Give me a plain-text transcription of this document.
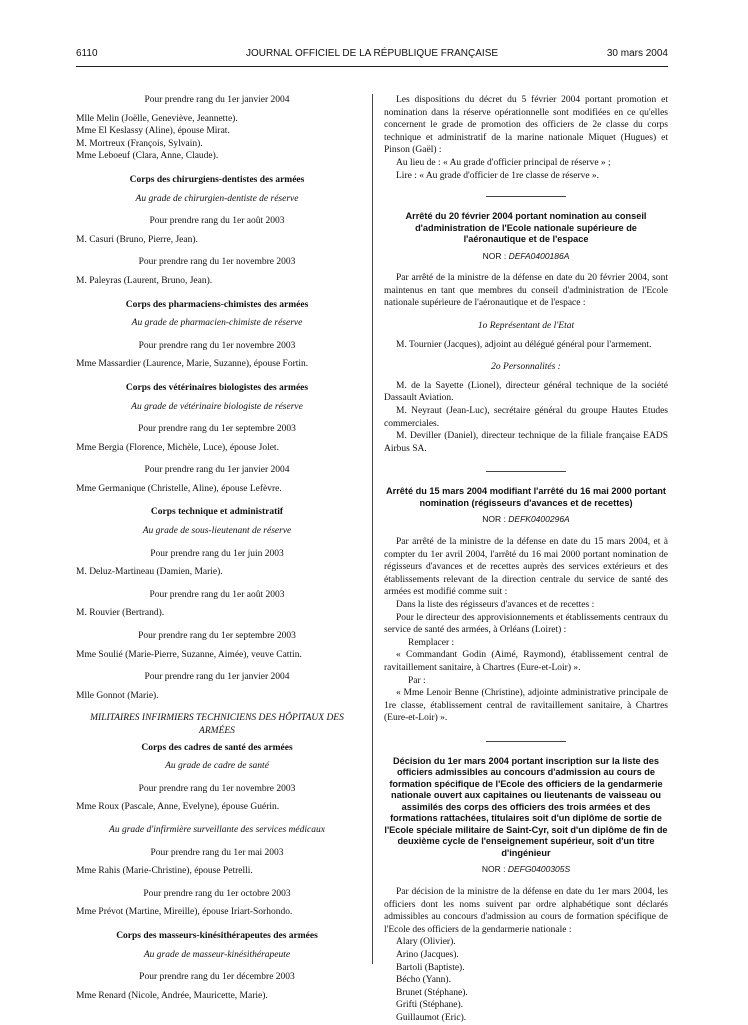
6110	JOURNAL OFFICIEL DE LA RÉPUBLIQUE FRANÇAISE	30 mars 2004

Pour prendre rang du 1er janvier 2004

Mlle Melin (Joëlle, Geneviève, Jeannette).

Mme El Keslassy (Aline), épouse Mirat.

M. Mortreux (François, Sylvain).

Mme Leboeuf (Clara, Anne, Claude).

Corps des chirurgiens-dentistes des armées

Au grade de chirurgien-dentiste de réserve

Pour prendre rang du 1er août 2003

M. Casuri (Bruno, Pierre, Jean).

Pour prendre rang du 1er novembre 2003

M. Paleyras (Laurent, Bruno, Jean).

Corps des pharmaciens-chimistes des armées

Au grade de pharmacien-chimiste de réserve

Pour prendre rang du 1er novembre 2003

Mme Massardier (Laurence, Marie, Suzanne), épouse Fortin.

Corps des vétérinaires biologistes des armées

Au grade de vétérinaire biologiste de réserve

Pour prendre rang du 1er septembre 2003

Mme Bergia (Florence, Michèle, Luce), épouse Jolet.

Pour prendre rang du 1er janvier 2004

Mme Germanique (Christelle, Aline), épouse Lefèvre.

Corps technique et administratif

Au grade de sous-lieutenant de réserve

Pour prendre rang du 1er juin 2003

M. Deluz-Martineau (Damien, Marie).

Pour prendre rang du 1er août 2003

M. Rouvier (Bertrand).

Pour prendre rang du 1er septembre 2003

Mme Soulié (Marie-Pierre, Suzanne, Aimée), veuve Cattin.

Pour prendre rang du 1er janvier 2004

Mlle Gonnot (Marie).

MILITAIRES INFIRMIERS TECHNICIENS DES HÔPITAUX DES ARMÉES

Corps des cadres de santé des armées

Au grade de cadre de santé

Pour prendre rang du 1er novembre 2003

Mme Roux (Pascale, Anne, Evelyne), épouse Guérin.

Au grade d'infirmière surveillante des services médicaux

Pour prendre rang du 1er mai 2003

Mme Rahis (Marie-Christine), épouse Petrelli.

Pour prendre rang du 1er octobre 2003

Mme Prévot (Martine, Mireille), épouse Iriart-Sorhondo.

Corps des masseurs-kinésithérapeutes des armées

Au grade de masseur-kinésithérapeute

Pour prendre rang du 1er décembre 2003

Mme Renard (Nicole, Andrée, Mauricette, Marie).

Les dispositions du décret du 5 février 2004 portant promotion et nomination dans la réserve opérationnelle sont modifiées en ce qu'elles concernent le grade de promotion des officiers de 2e classe du corps technique et administratif de la marine nationale Miquet (Hugues) et Pinson (Gaël) :

Au lieu de : « Au grade d'officier principal de réserve » ;

Lire : « Au grade d'officier de 1re classe de réserve ».

Arrêté du 20 février 2004 portant nomination au conseil d'administration de l'Ecole nationale supérieure de l'aéronautique et de l'espace

NOR : DEFA0400186A

Par arrêté de la ministre de la défense en date du 20 février 2004, sont maintenus en tant que membres du conseil d'administration de l'Ecole nationale supérieure de l'aéronautique et de l'espace :

1o Représentant de l'Etat

M. Tournier (Jacques), adjoint au délégué général pour l'armement.

2o Personnalités :

M. de la Sayette (Lionel), directeur général technique de la société Dassault Aviation.

M. Neyraut (Jean-Luc), secrétaire général du groupe Hautes Etudes commerciales.

M. Deviller (Daniel), directeur technique de la filiale française EADS Airbus SA.

Arrêté du 15 mars 2004 modifiant l'arrêté du 16 mai 2000 portant nomination (régisseurs d'avances et de recettes)

NOR : DEFK0400296A

Par arrêté de la ministre de la défense en date du 15 mars 2004, et à compter du 1er avril 2004, l'arrêté du 16 mai 2000 portant nomination de régisseurs d'avances et de recettes auprès des services extérieurs et des établissements relevant de la direction centrale du service de santé des armées est modifié comme suit :

Dans la liste des régisseurs d'avances et de recettes :

Pour le directeur des approvisionnements et établissements centraux du service de santé des armées, à Orléans (Loiret) :

Remplacer :

« Commandant Godin (Aimé, Raymond), établissement central de ravitaillement sanitaire, à Chartres (Eure-et-Loir) ».

Par :

« Mme Lenoir Benne (Christine), adjointe administrative principale de 1re classe, établissement central de ravitaillement sanitaire, à Chartres (Eure-et-Loir) ».

Décision du 1er mars 2004 portant inscription sur la liste des officiers admissibles au concours d'admission au cours de formation spécifique de l'Ecole des officiers de la gendarmerie nationale ouvert aux capitaines ou lieutenants de vaisseau ou assimilés des corps des officiers des trois armées et des formations rattachées, titulaires soit d'un diplôme de sortie de l'Ecole spéciale militaire de Saint-Cyr, soit d'un diplôme de fin de deuxième cycle de l'enseignement supérieur, soit d'un titre d'ingénieur

NOR : DEFG0400305S

Par décision de la ministre de la défense en date du 1er mars 2004, les officiers dont les noms suivent par ordre alphabétique sont déclarés admissibles au concours d'admission au cours de formation spécifique de l'Ecole des officiers de la gendarmerie nationale :

Alary (Olivier).

Arino (Jacques).

Bartoli (Baptiste).

Bécho (Yann).

Brunet (Stéphane).

Grifti (Stéphane).

Guillaumot (Eric).
